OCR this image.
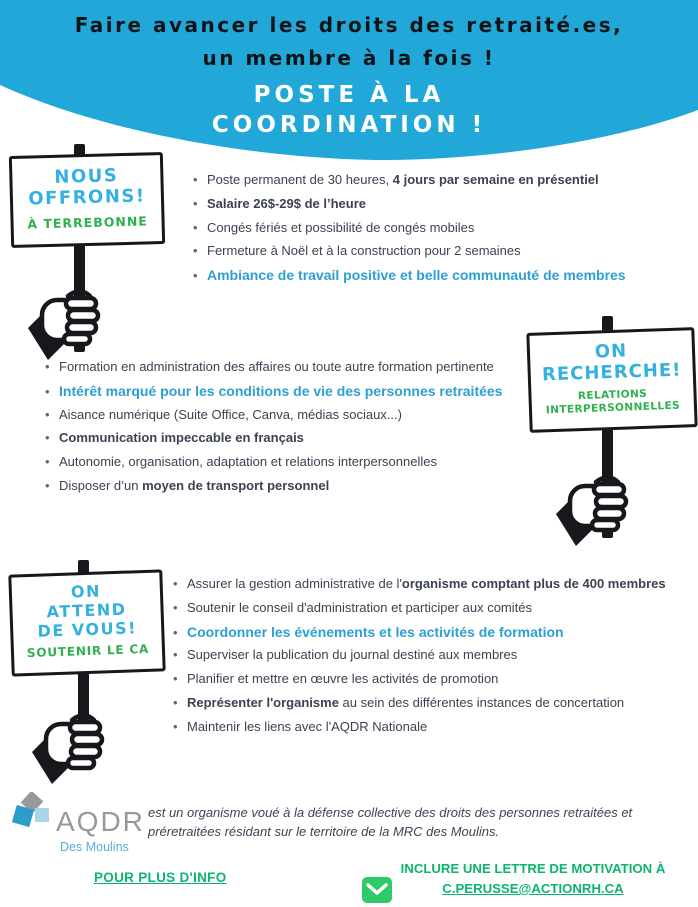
Faire avancer les droits des retraité.es,
un membre à la fois !
POSTE À LA
COORDINATION !
NOUS
OFFRONS!
À TERREBONNE
ON
RECHERCHE!
RELATIONS
INTERPERSONNELLES
ON
ATTEND
DE VOUS!
SOUTENIR LE CA
• Poste permanent de 30 heures, 4 jours par semaine en présentiel
• Salaire 26$-29$ de l’heure
• Congés fériés et possibilité de congés mobiles
• Fermeture à Noël et à la construction pour 2 semaines
• Ambiance de travail positive et belle communauté de membres
• Formation en administration des affaires ou toute autre formation pertinente
• Intérêt marqué pour les conditions de vie des personnes retraitées
• Aisance numérique (Suite Office, Canva, médias sociaux...)
• Communication impeccable en français
• Autonomie, organisation, adaptation et relations interpersonnelles
• Disposer d’un moyen de transport personnel
• Assurer la gestion administrative de l'organisme comptant plus de 400 membres
• Soutenir le conseil d'administration et participer aux comités
• Coordonner les événements et les activités de formation
• Superviser la publication du journal destiné aux membres
• Planifier et mettre en œuvre les activités de promotion
• Représenter l'organisme au sein des différentes instances de concertation
• Maintenir les liens avec l'AQDR Nationale
AQDR
Des Moulins
est un organisme voué à la défense collective des droits des personnes retraitées et préretraitées résidant sur le territoire de la MRC des Moulins.
POUR PLUS D'INFO
INCLURE UNE LETTRE DE MOTIVATION À
C.PERUSSE@ACTIONRH.CA
